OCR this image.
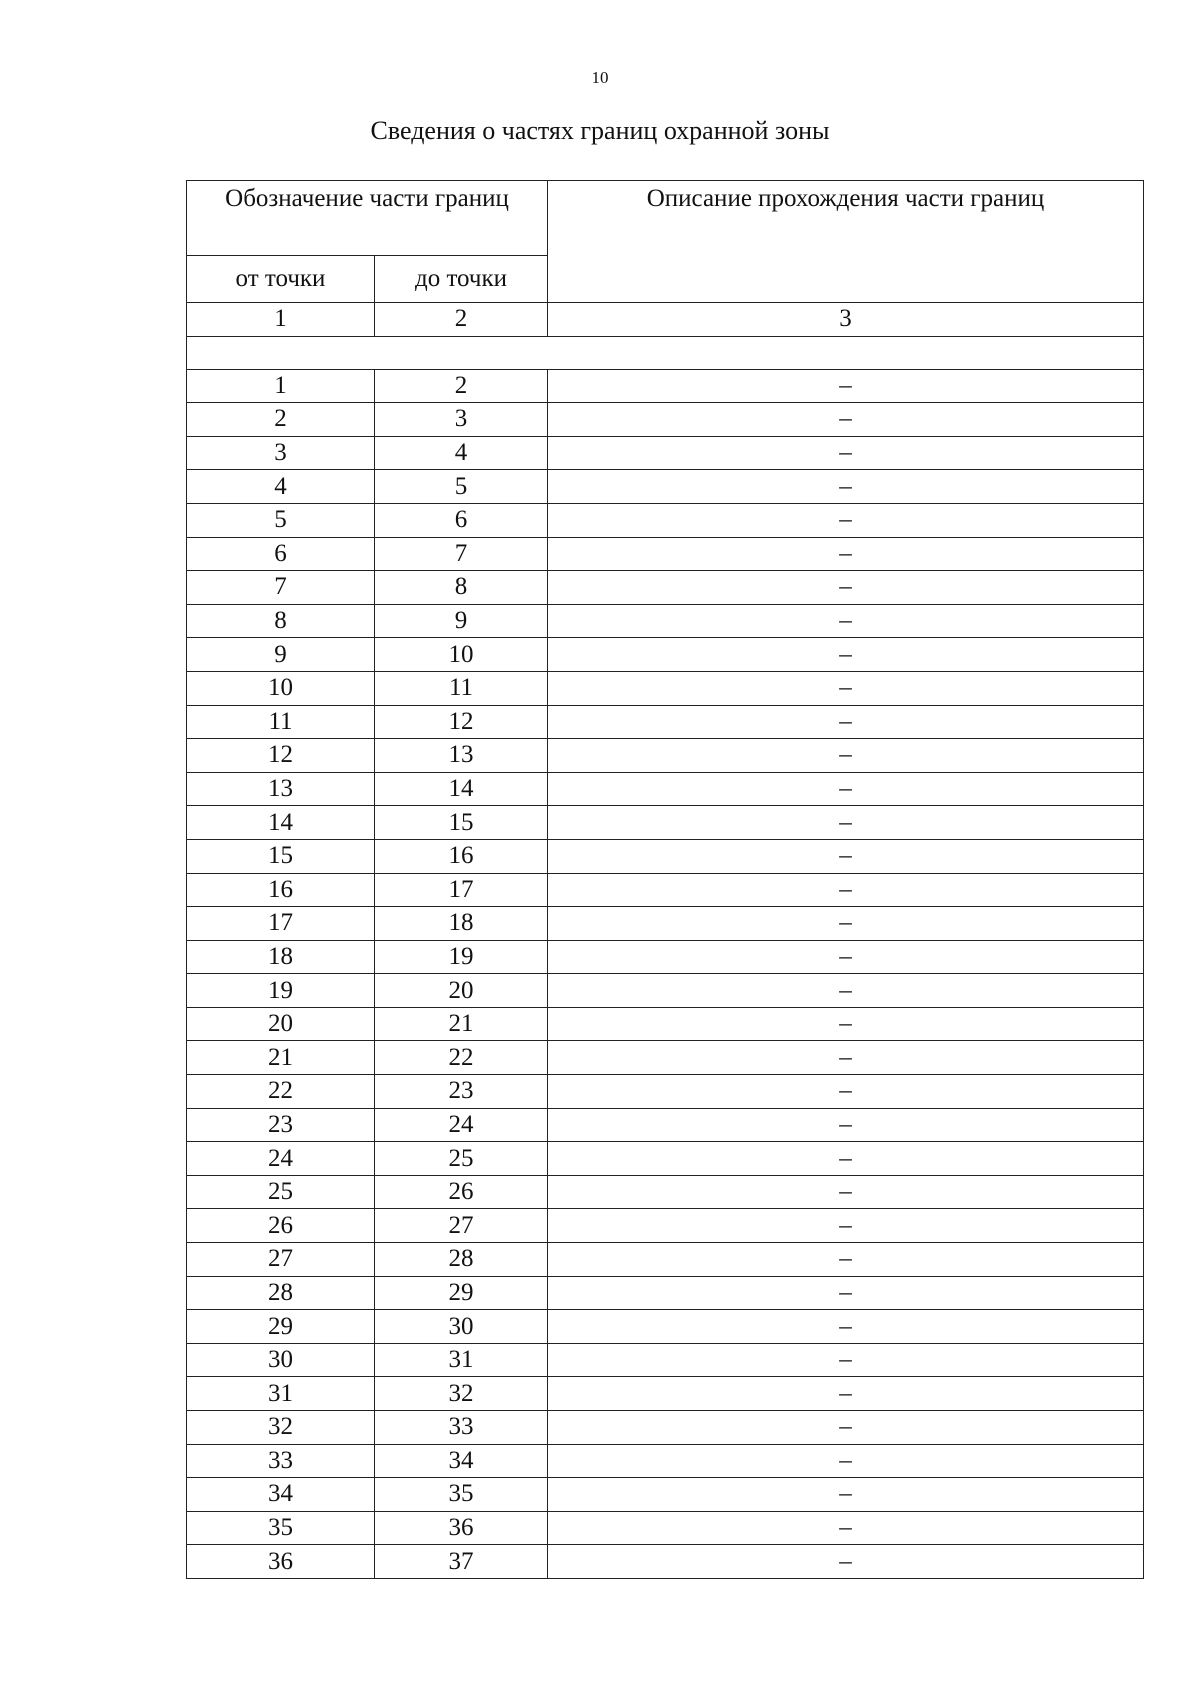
10
Сведения о частях границ охранной зоны
Обозначение части границ		Описание прохождения части границ
от точки	до точки	
1	2	3

1	2	–
2	3	–
3	4	–
4	5	–
5	6	–
6	7	–
7	8	–
8	9	–
9	10	–
10	11	–
11	12	–
12	13	–
13	14	–
14	15	–
15	16	–
16	17	–
17	18	–
18	19	–
19	20	–
20	21	–
21	22	–
22	23	–
23	24	–
24	25	–
25	26	–
26	27	–
27	28	–
28	29	–
29	30	–
30	31	–
31	32	–
32	33	–
33	34	–
34	35	–
35	36	–
36	37	–
